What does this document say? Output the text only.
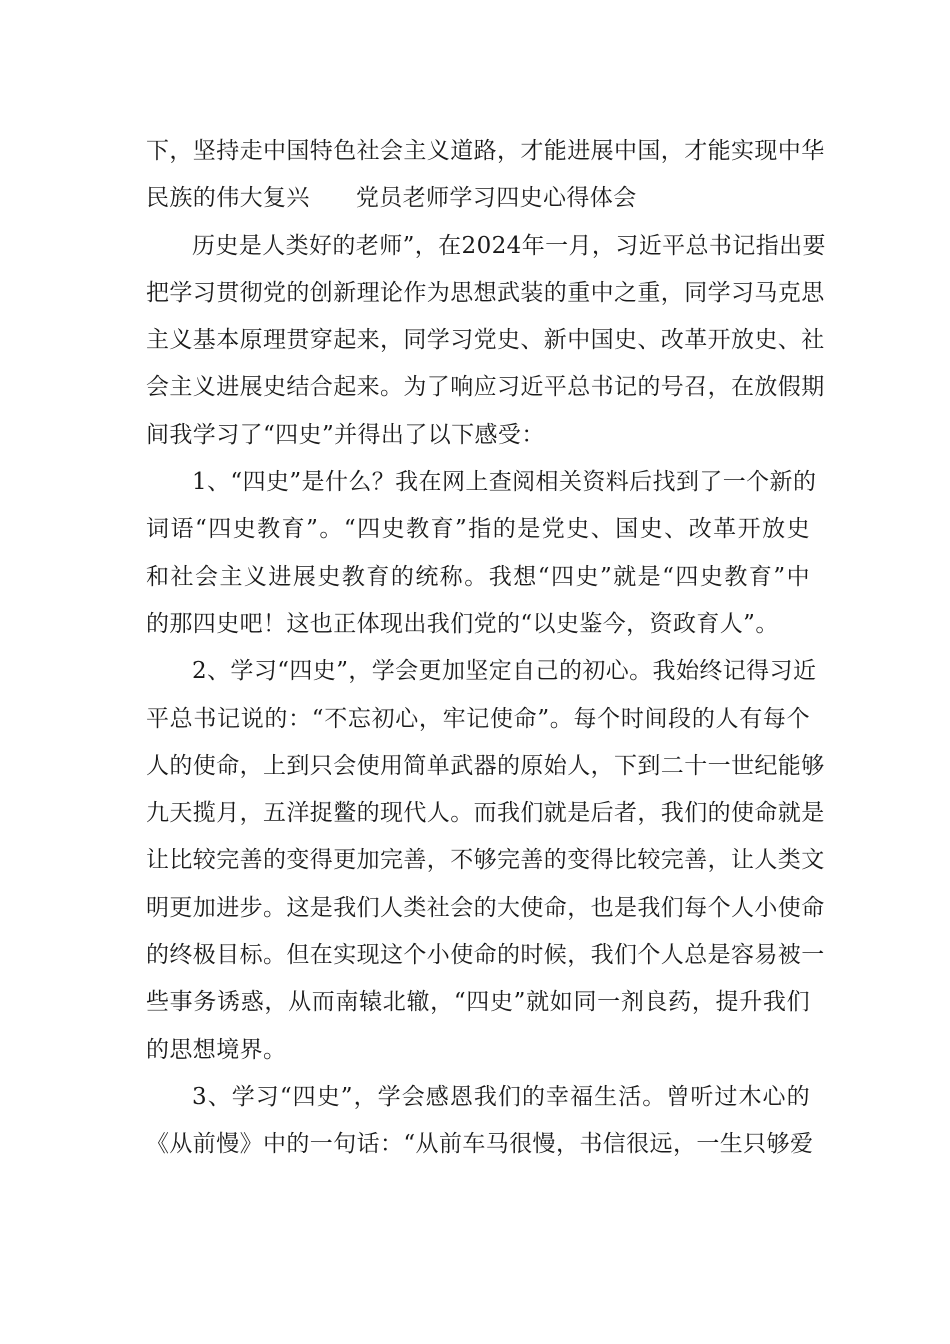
下，坚持走中国特色社会主义道路，才能进展中国，才能实现中华
民族的伟大复兴 党员老师学习四史心得体会
历史是人类好的老师”，在2024年一月，习近平总书记指出要
把学习贯彻党的创新理论作为思想武装的重中之重，同学习马克思
主义基本原理贯穿起来，同学习党史、新中国史、改革开放史、社
会主义进展史结合起来。为了响应习近平总书记的号召，在放假期
间我学习了“四史”并得出了以下感受：
1、“四史”是什么？我在网上查阅相关资料后找到了一个新的
词语“四史教育”。“四史教育”指的是党史、国史、改革开放史
和社会主义进展史教育的统称。我想“四史”就是“四史教育”中
的那四史吧！这也正体现出我们党的“以史鉴今，资政育人”。
2、学习“四史”，学会更加坚定自己的初心。我始终记得习近
平总书记说的：“不忘初心，牢记使命”。每个时间段的人有每个
人的使命，上到只会使用简单武器的原始人，下到二十一世纪能够
九天揽月，五洋捉鳖的现代人。而我们就是后者，我们的使命就是
让比较完善的变得更加完善，不够完善的变得比较完善，让人类文
明更加进步。这是我们人类社会的大使命，也是我们每个人小使命
的终极目标。但在实现这个小使命的时候，我们个人总是容易被一
些事务诱惑，从而南辕北辙，“四史”就如同一剂良药，提升我们
的思想境界。
3、学习“四史”，学会感恩我们的幸福生活。曾听过木心的
《从前慢》中的一句话：“从前车马很慢，书信很远，一生只够爱
